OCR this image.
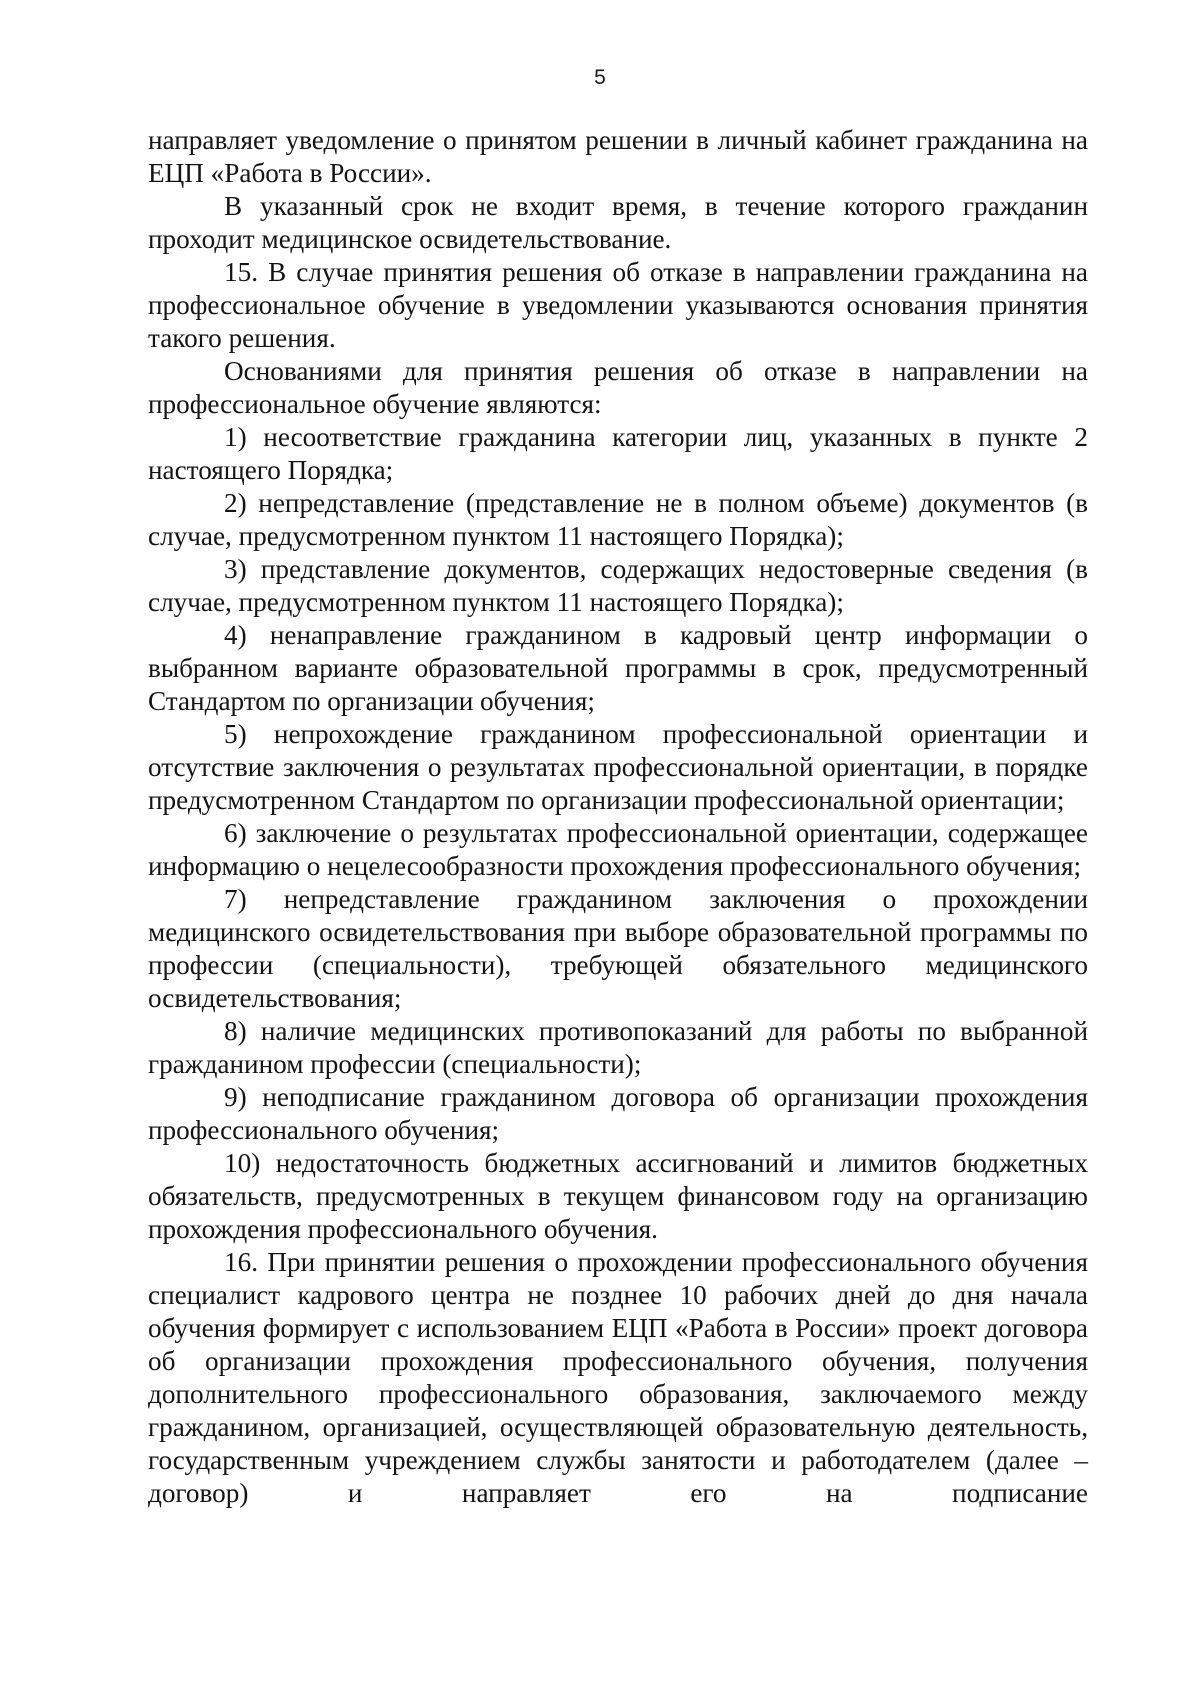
5

направляет уведомление о принятом решении в личный кабинет гражданина на ЕЦП «Работа в России».

В указанный срок не входит время, в течение которого гражданин проходит медицинское освидетельствование.

15. В случае принятия решения об отказе в направлении гражданина на профессиональное обучение в уведомлении указываются основания принятия такого решения.

Основаниями для принятия решения об отказе в направлении на профессиональное обучение являются:

1) несоответствие гражданина категории лиц, указанных в пункте 2 настоящего Порядка;

2) непредставление (представление не в полном объеме) документов (в случае, предусмотренном пунктом 11 настоящего Порядка);

3) представление документов, содержащих недостоверные сведения (в случае, предусмотренном пунктом 11 настоящего Порядка);

4) ненаправление гражданином в кадровый центр информации о выбранном варианте образовательной программы в срок, предусмотренный Стандартом по организации обучения;

5) непрохождение гражданином профессиональной ориентации и отсутствие заключения о результатах профессиональной ориентации, в порядке предусмотренном Стандартом по организации профессиональной ориентации;

6) заключение о результатах профессиональной ориентации, содержащее информацию о нецелесообразности прохождения профессионального обучения;

7) непредставление гражданином заключения о прохождении медицинского освидетельствования при выборе образовательной программы по профессии (специальности), требующей обязательного медицинского освидетельствования;

8) наличие медицинских противопоказаний для работы по выбранной гражданином профессии (специальности);

9) неподписание гражданином договора об организации прохождения профессионального обучения;

10) недостаточность бюджетных ассигнований и лимитов бюджетных обязательств, предусмотренных в текущем финансовом году на организацию прохождения профессионального обучения.

16. При принятии решения о прохождении профессионального обучения специалист кадрового центра не позднее 10 рабочих дней до дня начала обучения формирует с использованием ЕЦП «Работа в России» проект договора об организации прохождения профессионального обучения, получения дополнительного профессионального образования, заключаемого между гражданином, организацией, осуществляющей образовательную деятельность, государственным учреждением службы занятости и работодателем (далее – договор) и направляет его на подписание
